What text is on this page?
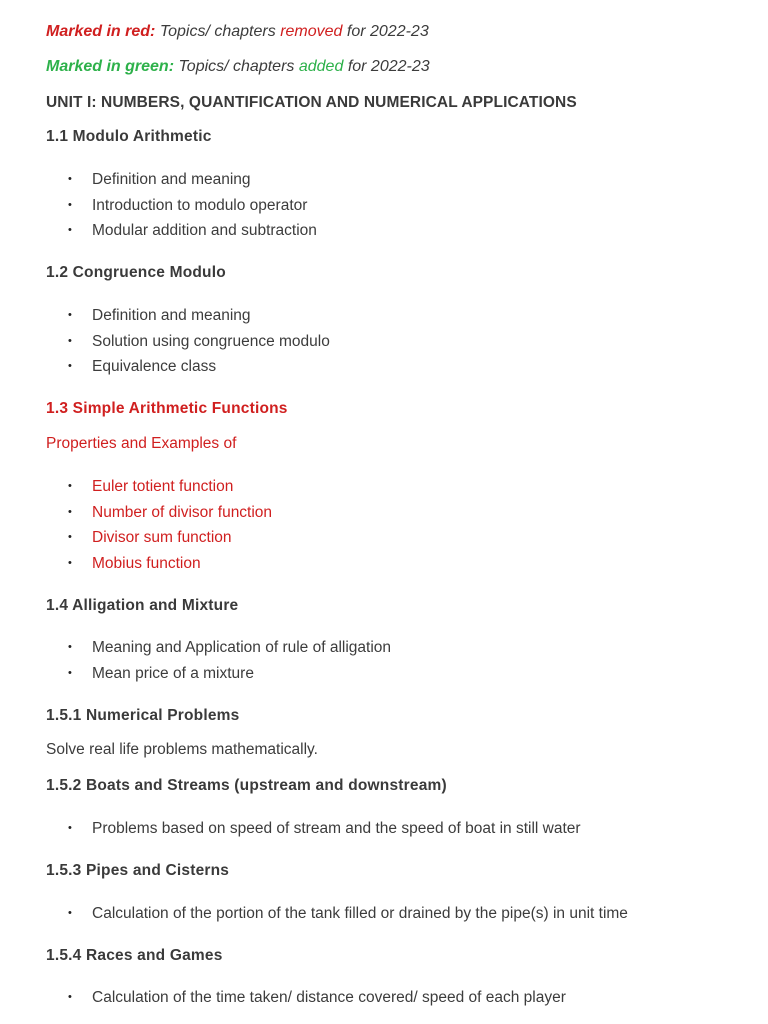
Marked in red: Topics/ chapters removed for 2022-23
Marked in green: Topics/ chapters added for 2022-23
UNIT I: NUMBERS, QUANTIFICATION AND NUMERICAL APPLICATIONS
1.1 Modulo Arithmetic
• Definition and meaning
• Introduction to modulo operator
• Modular addition and subtraction
1.2 Congruence Modulo
• Definition and meaning
• Solution using congruence modulo
• Equivalence class
1.3 Simple Arithmetic Functions

Properties and Examples of

• Euler totient function
• Number of divisor function
• Divisor sum function
• Mobius function
1.4 Alligation and Mixture
• Meaning and Application of rule of alligation
• Mean price of a mixture
1.5.1 Numerical Problems

Solve real life problems mathematically.

1.5.2 Boats and Streams (upstream and downstream)
• Problems based on speed of stream and the speed of boat in still water
1.5.3 Pipes and Cisterns
• Calculation of the portion of the tank filled or drained by the pipe(s) in unit time
1.5.4 Races and Games
• Calculation of the time taken/ distance covered/ speed of each player
